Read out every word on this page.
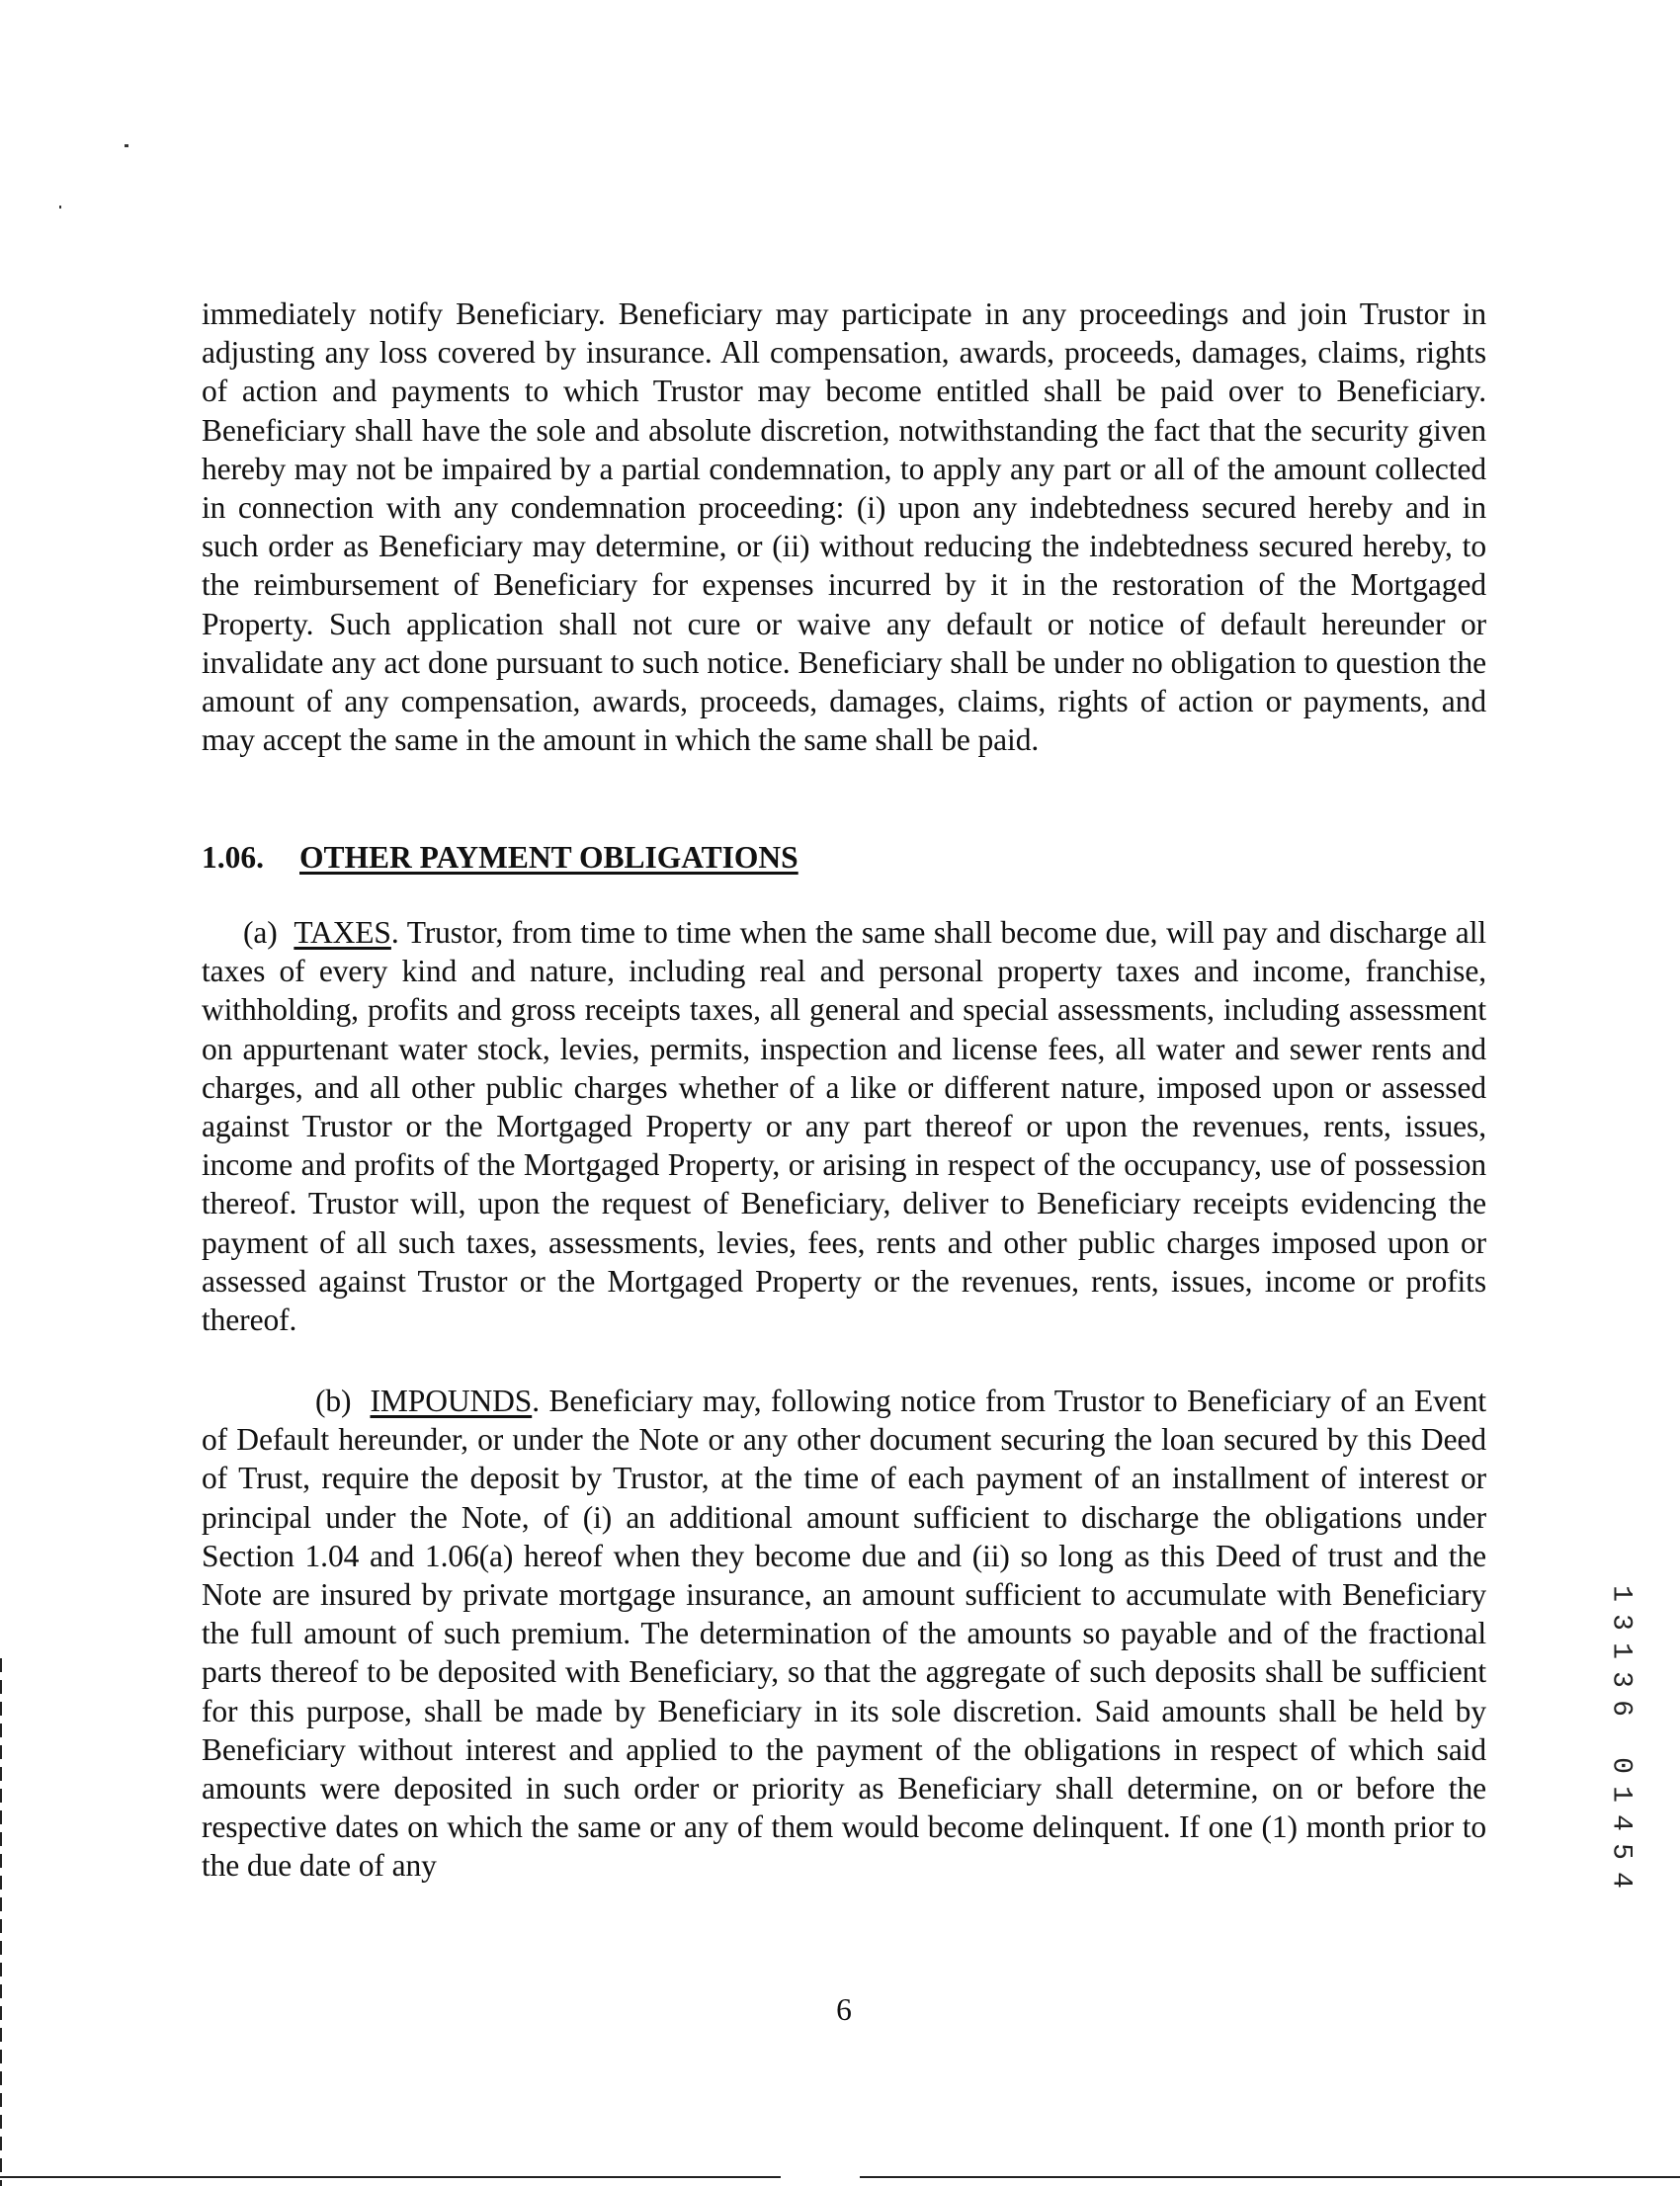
immediately notify Beneficiary. Beneficiary may participate in any proceedings and join Trustor in adjusting any loss covered by insurance. All compensation, awards, proceeds, damages, claims, rights of action and payments to which Trustor may become entitled shall be paid over to Beneficiary. Beneficiary shall have the sole and absolute discretion, notwithstanding the fact that the security given hereby may not be impaired by a partial condemnation, to apply any part or all of the amount collected in connection with any condemnation proceeding: (i) upon any indebtedness secured hereby and in such order as Beneficiary may determine, or (ii) without reducing the indebtedness secured hereby, to the reimbursement of Beneficiary for expenses incurred by it in the restoration of the Mortgaged Property. Such application shall not cure or waive any default or notice of default hereunder or invalidate any act done pursuant to such notice. Beneficiary shall be under no obligation to question the amount of any compensation, awards, proceeds, damages, claims, rights of action or payments, and may accept the same in the amount in which the same shall be paid.

1.06. OTHER PAYMENT OBLIGATIONS

(a) TAXES. Trustor, from time to time when the same shall become due, will pay and discharge all taxes of every kind and nature, including real and personal property taxes and income, franchise, withholding, profits and gross receipts taxes, all general and special assessments, including assessment on appurtenant water stock, levies, permits, inspection and license fees, all water and sewer rents and charges, and all other public charges whether of a like or different nature, imposed upon or assessed against Trustor or the Mortgaged Property or any part thereof or upon the revenues, rents, issues, income and profits of the Mortgaged Property, or arising in respect of the occupancy, use of possession thereof. Trustor will, upon the request of Beneficiary, deliver to Beneficiary receipts evidencing the payment of all such taxes, assessments, levies, fees, rents and other public charges imposed upon or assessed against Trustor or the Mortgaged Property or the revenues, rents, issues, income or profits thereof.

(b) IMPOUNDS. Beneficiary may, following notice from Trustor to Beneficiary of an Event of Default hereunder, or under the Note or any other document securing the loan secured by this Deed of Trust, require the deposit by Trustor, at the time of each payment of an installment of interest or principal under the Note, of (i) an additional amount sufficient to discharge the obligations under Section 1.04 and 1.06(a) hereof when they become due and (ii) so long as this Deed of trust and the Note are insured by private mortgage insurance, an amount sufficient to accumulate with Beneficiary the full amount of such premium. The determination of the amounts so payable and of the fractional parts thereof to be deposited with Beneficiary, so that the aggregate of such deposits shall be sufficient for this purpose, shall be made by Beneficiary in its sole discretion. Said amounts shall be held by Beneficiary without interest and applied to the payment of the obligations in respect of which said amounts were deposited in such order or priority as Beneficiary shall determine, on or before the respective dates on which the same or any of them would become delinquent. If one (1) month prior to the due date of any

1
3
1
3
6

0
1
4
5
4
6
